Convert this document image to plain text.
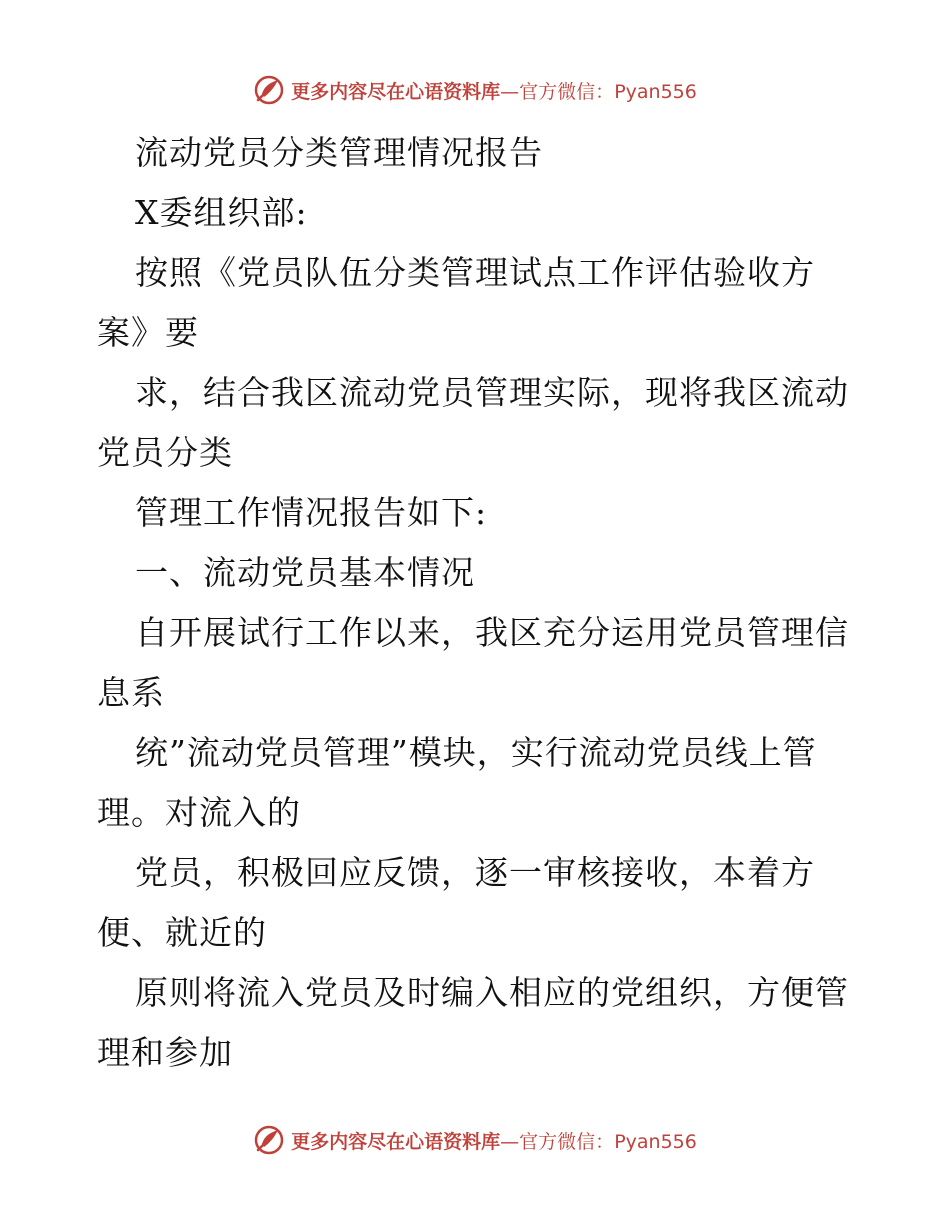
更多内容尽在心语资料库—官方微信：Pyan556
流动党员分类管理情况报告
X委组织部:
按照《党员队伍分类管理试点工作评估验收方
案》要
求，结合我区流动党员管理实际，现将我区流动
党员分类
管理工作情况报告如下:
一、流动党员基本情况
自开展试行工作以来，我区充分运用党员管理信
息系
统”流动党员管理”模块，实行流动党员线上管
理。对流入的
党员，积极回应反馈，逐一审核接收，本着方
便、就近的
原则将流入党员及时编入相应的党组织，方便管
理和参加
更多内容尽在心语资料库—官方微信：Pyan556
